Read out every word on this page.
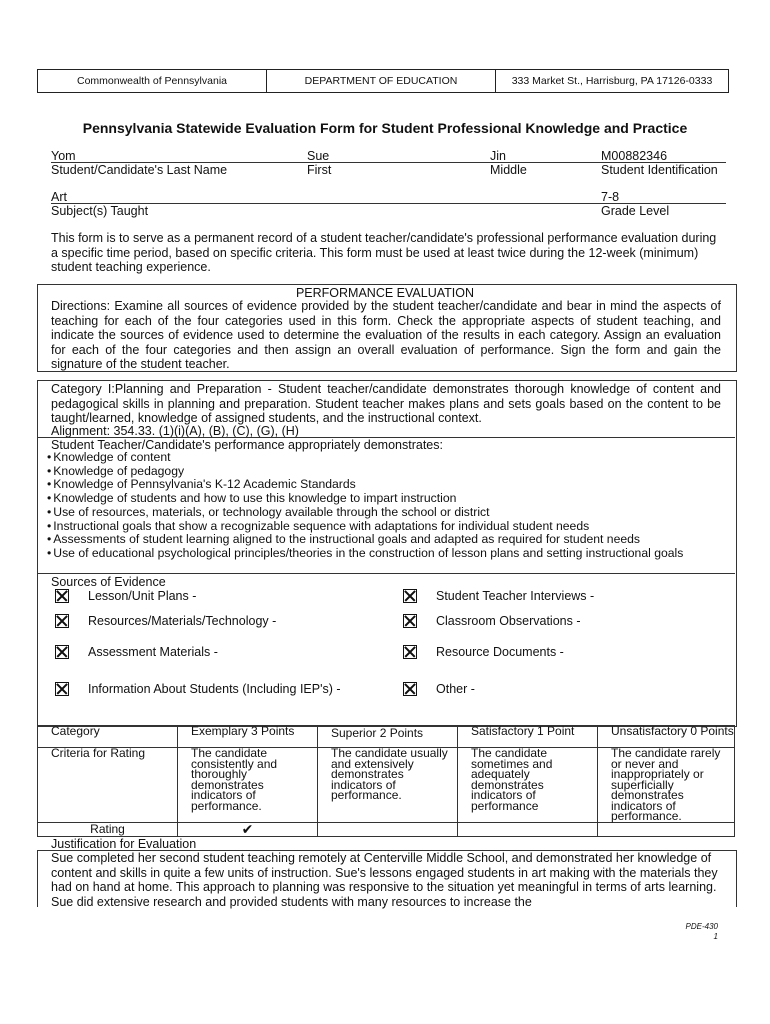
Commonwealth of Pennsylvania	DEPARTMENT OF EDUCATION	333 Market St., Harrisburg, PA 17126-0333
Pennsylvania Statewide Evaluation Form for Student Professional Knowledge and Practice
Yom	Sue	Jin	M00882346
Student/Candidate's Last Name	First	Middle	Student Identification
Art	7-8
Subject(s) Taught	Grade Level
This form is to serve as a permanent record of a student teacher/candidate's professional performance evaluation during a specific time period, based on specific criteria. This form must be used at least twice during the 12-week (minimum) student teaching experience.
PERFORMANCE EVALUATION
Directions: Examine all sources of evidence provided by the student teacher/candidate and bear in mind the aspects of teaching for each of the four categories used in this form. Check the appropriate aspects of student teaching, and indicate the sources of evidence used to determine the evaluation of the results in each category. Assign an evaluation for each of the four categories and then assign an overall evaluation of performance. Sign the form and gain the signature of the student teacher.
Category I:Planning and Preparation - Student teacher/candidate demonstrates thorough knowledge of content and pedagogical skills in planning and preparation. Student teacher makes plans and sets goals based on the content to be taught/learned, knowledge of assigned students, and the instructional context.
Alignment: 354.33. (1)(i)(A), (B), (C), (G), (H)
Student Teacher/Candidate's performance appropriately demonstrates:
• Knowledge of content
• Knowledge of pedagogy
• Knowledge of Pennsylvania's K-12 Academic Standards
• Knowledge of students and how to use this knowledge to impart instruction
• Use of resources, materials, or technology available through the school or district
• Instructional goals that show a recognizable sequence with adaptations for individual student needs
• Assessments of student learning aligned to the instructional goals and adapted as required for student needs
• Use of educational psychological principles/theories in the construction of lesson plans and setting instructional goals
Sources of Evidence
Lesson/Unit Plans -	Student Teacher Interviews -
Resources/Materials/Technology -	Classroom Observations -
Assessment Materials -	Resource Documents -
Information About Students (Including IEP's) -	Other -
Category	Exemplary 3 Points	Superior 2 Points	Satisfactory 1 Point	Unsatisfactory 0 Points
Criteria for Rating	The candidate consistently and thoroughly demonstrates indicators of performance.	The candidate usually and extensively demonstrates indicators of performance.	The candidate sometimes and adequately demonstrates indicators of performance	The candidate rarely or never and inappropriately or superficially demonstrates indicators of performance.
Rating	✔			
Justification for Evaluation
Sue completed her second student teaching remotely at Centerville Middle School, and demonstrated her knowledge of content and skills in quite a few units of instruction. Sue's lessons engaged students in art making with the materials they had on hand at home. This approach to planning was responsive to the situation yet meaningful in terms of arts learning. Sue did extensive research and provided students with many resources to increase the
PDE-430
1
